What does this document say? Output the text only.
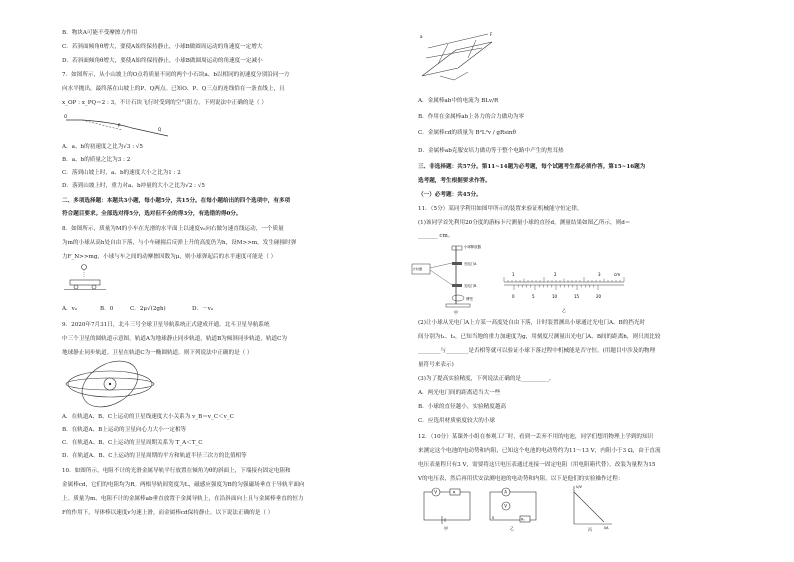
B．物块A可能不受摩擦力作用
C．若斜面倾角θ增大，要使A始终保持静止，小球B做圆周运动的角速度一定增大
D．若斜面倾角θ增大，要使A始终保持静止，小球B做圆周运动的角速度一定减小
7．如图所示，从小山坡上的O点将质量不同的两个小石块a、b以相同的初速度分别沿同一方
向水平抛出，最终落在山坡上的P、Q两点。已知O、P、Q三点的连线恰在一条直线上，且
x_OP : x_PQ＝2 : 3，不计石块飞行时受到的空气阻力。下列说法中正确的是（ ）
O
P
Q
A．a、b的初速度之比为√3 : √5
B．a、b的质量之比为3 : 2
C．落到山坡上时，a、b的速度大小之比为1 : 2
D．落到山坡上时，重力对a、b冲量的大小之比为√2 : √5
二、多项选择题：本题共3小题，每小题5分，共15分。在每小题给出的四个选项中，有多项
符合题目要求。全部选对得5分，选对但不全的得3分，有选错的得0分。
8．如图所示，质量为M的小车在光滑的水平面上以速度v₀向右做匀速直线运动，一个质量
为m的小球从高h处自由下落，与小车碰撞后反弹上升的高度仍为h，设M>>m，发生碰撞时弹
力F_N>>mg，小球与车之间的动摩擦因数为μ，则小球弹起后的水平速度可能是（ ）
A．v₀	B．0	C．2μ√(2gh)	D．－v₀
9．2020年7月31日，北斗三号全球卫星导航系统正式建成开通。北斗卫星导航系统
中三个卫星的圆轨道示意图，轨道A为地球静止同步轨道，轨道B为倾斜同步轨道，轨道C为
地球静止同步轨道。卫星在轨道C为一椭圆轨道，则下列说法中正确的是（ ）
A．在轨道A、B、C上运动的卫星线速度大小关系为 v_B＝v_C＜v_C
B．在轨道A、B上运动的卫星向心力大小一定相等
C．在轨道A、B、C上运动的卫星周期关系为 T_A＜T_C
D．在轨道A、B、C上运动的卫星周期的平方和轨道半径三次方的比值相等
10．如图所示，电阻不计的光滑金属导轨平行放置在倾角为θ的斜面上，下端接有固定电阻和
金属棒cd，它们的电阻均为R。两根导轨间宽度为L，磁感应强度为B的匀强磁场垂直于导轨平面向
上。质量为m、电阻不计的金属棒ab垂直放置于金属导轨上，在沿斜面向上且与金属棒垂直的恒力
F的作用下，导体棒以速度v匀速上滑，而金属棒cd保持静止。以下说法正确的是（ ）
a	F
A．金属棒ab中的电流为 BLv/R
B．作用在金属棒ab上各力的合力做功为零
C．金属棒cd的质量为 B²L²v / gRsinθ
D．金属棒ab克服安培力做功等于整个电路中产生的焦耳热
三、非选择题：共57分。第11~14题为必考题，每个试题考生都必须作答。第15~16题为
选考题，考生根据要求作答。
（一）必考题：共45分。
11．（5分）某同学利用如图甲所示的装置来验证机械能守恒定律。
(1)该同学首先利用20分度的游标卡尺测量小球的直径d，测量结果如图乙所示，则d＝
_______ cm。
小球释放器
光电门A
光电门B
计时器
网兜
甲
1	2	3	cm
0	5	10	15	20
乙
(2)让小球从光电门A上方某一高度处自由下落，计时装置测出小球通过光电门A、B的挡光时
间分别为t₁、t₂，已知当地的重力加速度为g，用刻度尺测量出光电门A、B间的距离h，则只需比较
________与________是否相等就可以验证小球下落过程中机械能是否守恒。(用题目中涉及的物理
量符号来表示)
(3)为了提高实验精度，下列说法正确的是__________。
A．两光电门间的距离适当大一些
B．小球的直径越小，实验精度越高
C．应选用材质密度较大的小球
12．（10分）某课外小组在参观工厂时，看到一丢弃不用的电池，同学们想用物理上学到的知识
来测定这个电池的电动势和内阻，已知这个电池的电动势约为11～13 V，内阻小于3 Ω，由于直流
电压表量程只有3 V，需要将这只电压表通过连接一固定电阻（用电阻箱代替），改装为量程为15
V的电压表，然后再用伏安法测电池的电动势和内阻，以下是他们的实验操作过程：
V	R
甲
A
V
R₀
S
乙
U/V
I/A
丙
